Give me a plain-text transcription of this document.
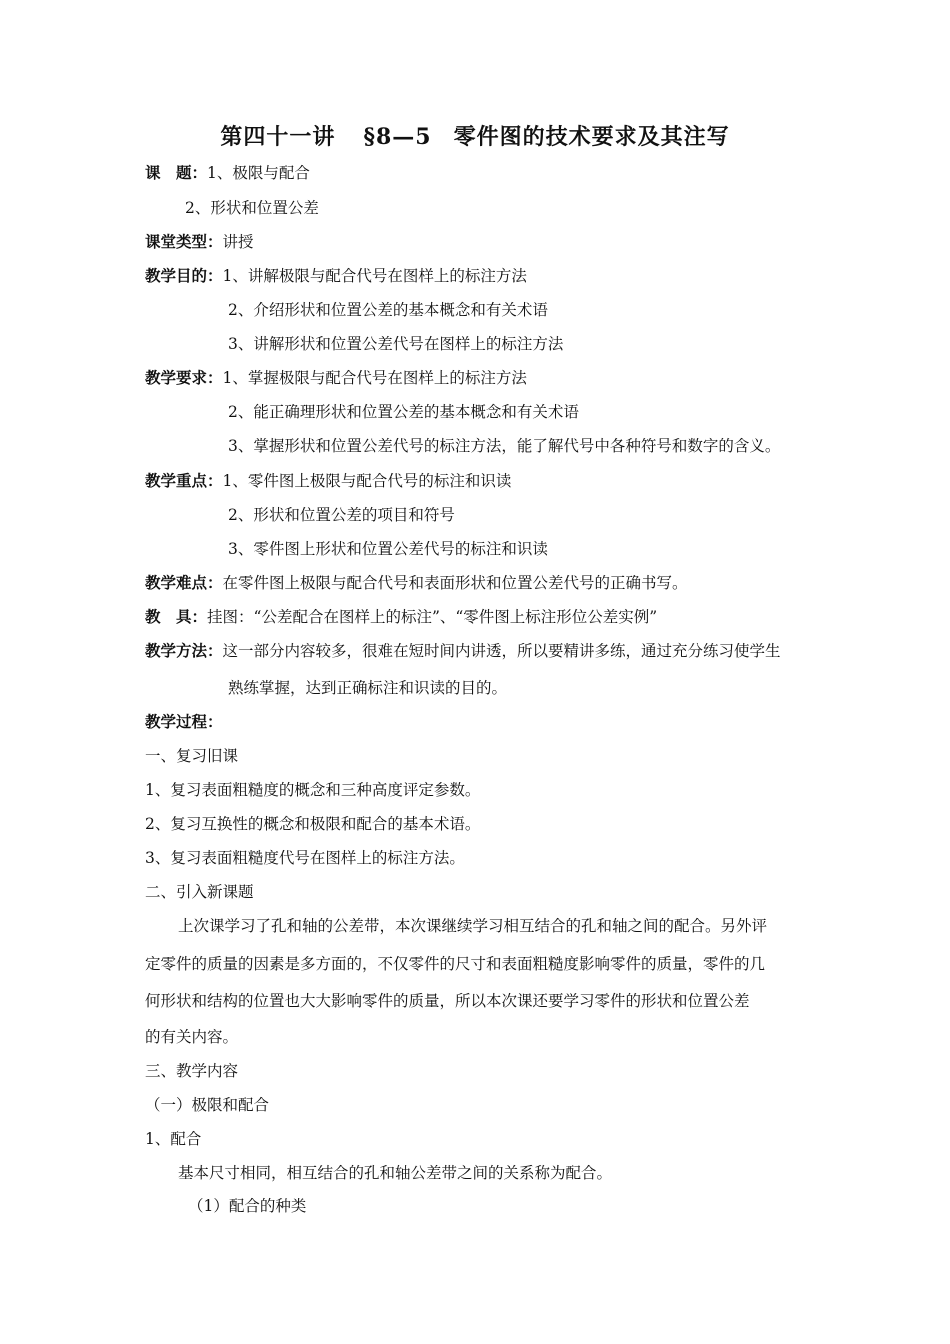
第四十一讲 §8—5 零件图的技术要求及其注写
课　题：1、极限与配合
2、形状和位置公差
课堂类型：讲授
教学目的：1、讲解极限与配合代号在图样上的标注方法
2、介绍形状和位置公差的基本概念和有关术语
3、讲解形状和位置公差代号在图样上的标注方法
教学要求：1、掌握极限与配合代号在图样上的标注方法
2、能正确理形状和位置公差的基本概念和有关术语
3、掌握形状和位置公差代号的标注方法，能了解代号中各种符号和数字的含义。
教学重点：1、零件图上极限与配合代号的标注和识读
2、形状和位置公差的项目和符号
3、零件图上形状和位置公差代号的标注和识读
教学难点：在零件图上极限与配合代号和表面形状和位置公差代号的正确书写。
教　具：挂图：“公差配合在图样上的标注”、“零件图上标注形位公差实例”
教学方法：这一部分内容较多，很难在短时间内讲透，所以要精讲多练，通过充分练习使学生
熟练掌握，达到正确标注和识读的目的。
教学过程：
一、复习旧课
1、复习表面粗糙度的概念和三种高度评定参数。
2、复习互换性的概念和极限和配合的基本术语。
3、复习表面粗糙度代号在图样上的标注方法。
二、引入新课题
上次课学习了孔和轴的公差带，本次课继续学习相互结合的孔和轴之间的配合。另外评
定零件的质量的因素是多方面的，不仅零件的尺寸和表面粗糙度影响零件的质量，零件的几
何形状和结构的位置也大大影响零件的质量，所以本次课还要学习零件的形状和位置公差
的有关内容。
三、教学内容
（一）极限和配合
1、配合
基本尺寸相同，相互结合的孔和轴公差带之间的关系称为配合。
（1）配合的种类
